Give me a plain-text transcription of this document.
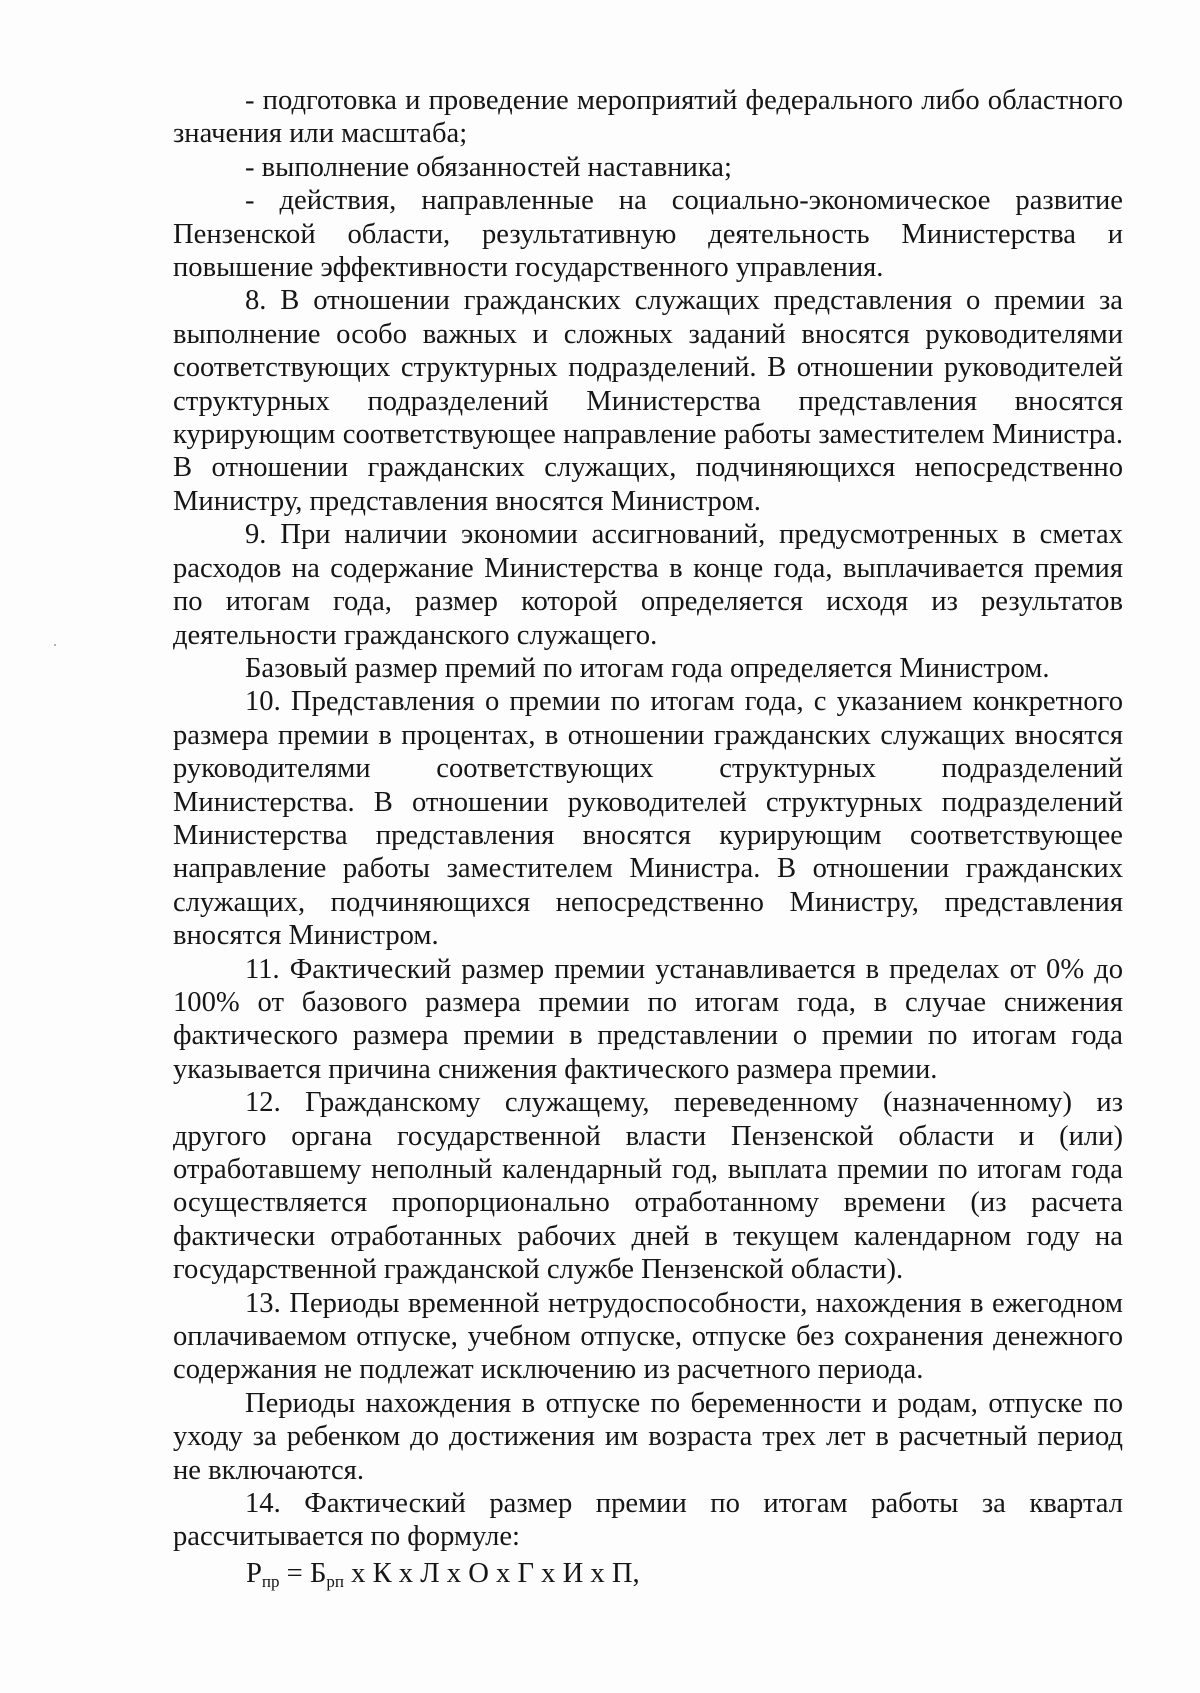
- подготовка и проведение мероприятий федерального либо областного значения или масштаба;

- выполнение обязанностей наставника;

- действия, направленные на социально-экономическое развитие Пензенской области, результативную деятельность Министерства и повышение эффективности государственного управления.

8. В отношении гражданских служащих представления о премии за выполнение особо важных и сложных заданий вносятся руководителями соответствующих структурных подразделений. В отношении руководителей структурных подразделений Министерства представления вносятся курирующим соответствующее направление работы заместителем Министра. В отношении гражданских служащих, подчиняющихся непосредственно Министру, представления вносятся Министром.

9. При наличии экономии ассигнований, предусмотренных в сметах расходов на содержание Министерства в конце года, выплачивается премия по итогам года, размер которой определяется исходя из результатов деятельности гражданского служащего.

Базовый размер премий по итогам года определяется Министром.

10. Представления о премии по итогам года, с указанием конкретного размера премии в процентах, в отношении гражданских служащих вносятся руководителями соответствующих структурных подразделений Министерства. В отношении руководителей структурных подразделений Министерства представления вносятся курирующим соответствующее направление работы заместителем Министра. В отношении гражданских служащих, подчиняющихся непосредственно Министру, представления вносятся Министром.

11. Фактический размер премии устанавливается в пределах от 0% до 100% от базового размера премии по итогам года, в случае снижения фактического размера премии в представлении о премии по итогам года указывается причина снижения фактического размера премии.

12. Гражданскому служащему, переведенному (назначенному) из другого органа государственной власти Пензенской области и (или) отработавшему неполный календарный год, выплата премии по итогам года осуществляется пропорционально отработанному времени (из расчета фактически отработанных рабочих дней в текущем календарном году на государственной гражданской службе Пензенской области).

13. Периоды временной нетрудоспособности, нахождения в ежегодном оплачиваемом отпуске, учебном отпуске, отпуске без сохранения денежного содержания не подлежат исключению из расчетного периода.

Периоды нахождения в отпуске по беременности и родам, отпуске по уходу за ребенком до достижения им возраста трех лет в расчетный период не включаются.

14. Фактический размер премии по итогам работы за квартал рассчитывается по формуле:

$Р_{пр} = Б_{рп}$ х К х Л х О х Г х И х П,
